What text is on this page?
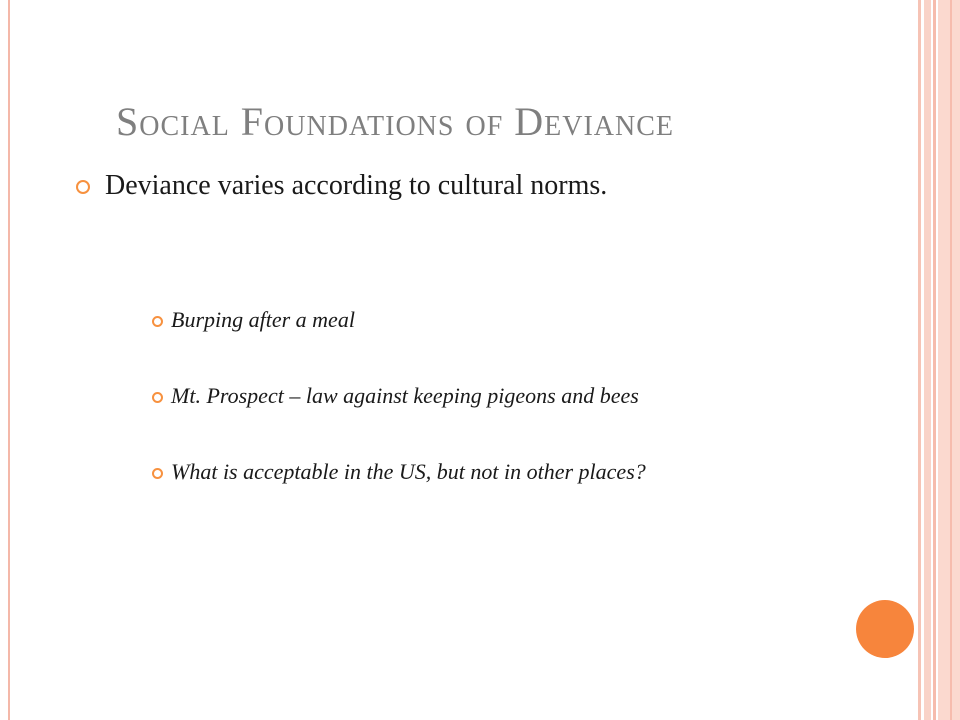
Social Foundations of Deviance
Deviance varies according to cultural norms.
Burping after a meal
Mt. Prospect – law against keeping pigeons and bees
What is acceptable in the US, but not in other places?
